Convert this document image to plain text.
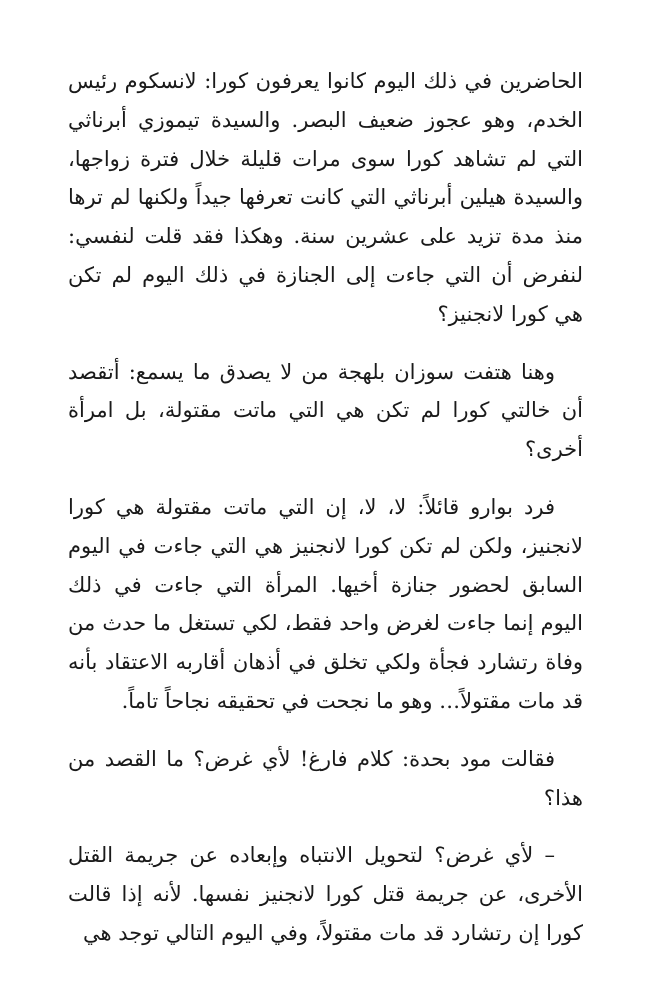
الحاضرين في ذلك اليوم كانوا يعرفون كورا: لانسكوم رئيس الخدم، وهو عجوز ضعيف البصر. والسيدة تيموزي أبرناثي التي لم تشاهد كورا سوى مرات قليلة خلال فترة زواجها، والسيدة هيلين أبرناثي التي كانت تعرفها جيداً ولكنها لم ترها منذ مدة تزيد على عشرين سنة. وهكذا فقد قلت لنفسي: لنفرض أن التي جاءت إلى الجنازة في ذلك اليوم لم تكن هي كورا لانجنيز؟

وهنا هتفت سوزان بلهجة من لا يصدق ما يسمع: أتقصد أن خالتي كورا لم تكن هي التي ماتت مقتولة، بل امرأة أخرى؟

فرد بوارو قائلاً: لا، لا، إن التي ماتت مقتولة هي كورا لانجنيز، ولكن لم تكن كورا لانجنيز هي التي جاءت في اليوم السابق لحضور جنازة أخيها. المرأة التي جاءت في ذلك اليوم إنما جاءت لغرض واحد فقط، لكي تستغل ما حدث من وفاة رتشارد فجأة ولكي تخلق في أذهان أقاربه الاعتقاد بأنه قد مات مقتولاً… وهو ما نجحت في تحقيقه نجاحاً تاماً.

فقالت مود بحدة: كلام فارغ! لأي غرض؟ ما القصد من هذا؟

– لأي غرض؟ لتحويل الانتباه وإبعاده عن جريمة القتل الأخرى، عن جريمة قتل كورا لانجنيز نفسها. لأنه إذا قالت كورا إن رتشارد قد مات مقتولاً، وفي اليوم التالي توجد هي
